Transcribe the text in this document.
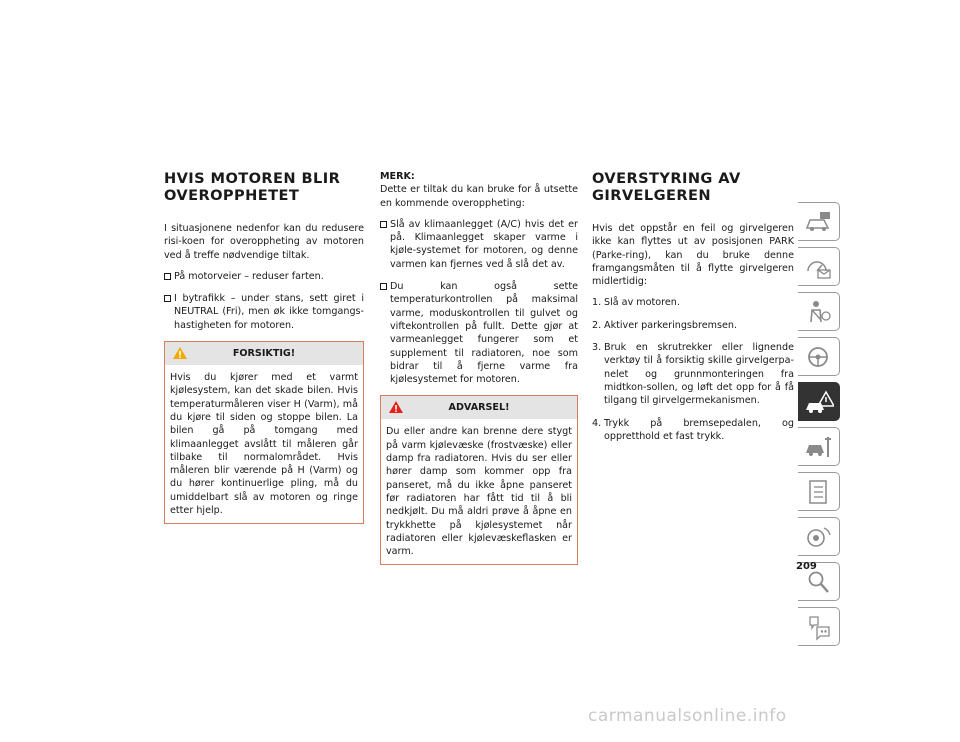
HVIS MOTOREN BLIR OVEROPPHETET

I situasjonene nedenfor kan du redusere risi-koen for overoppheting av motoren ved å treffe nødvendige tiltak.

På motorveier – reduser farten.
I bytrafikk – under stans, sett giret i NEUTRAL (Fri), men øk ikke tomgangs-hastigheten for motoren.
FORSIKTIG!
Hvis du kjører med et varmt kjølesystem, kan det skade bilen. Hvis temperaturmåleren viser H (Varm), må du kjøre til siden og stoppe bilen. La bilen gå på tomgang med klimaanlegget avslått til måleren går tilbake til normalområdet. Hvis måleren blir værende på H (Varm) og du hører kontinuerlige pling, må du umiddelbart slå av motoren og ringe etter hjelp.

MERK:
Dette er tiltak du kan bruke for å utsette en kommende overoppheting:

Slå av klimaanlegget (A/C) hvis det er på. Klimaanlegget skaper varme i kjøle-systemet for motoren, og denne varmen kan fjernes ved å slå det av.
Du kan også sette temperaturkontrollen på maksimal varme, moduskontrollen til gulvet og viftekontrollen på fullt. Dette gjør at varmeanlegget fungerer som et supplement til radiatoren, noe som bidrar til å fjerne varme fra kjølesystemet for motoren.
ADVARSEL!
Du eller andre kan brenne dere stygt på varm kjølevæske (frostvæske) eller damp fra radiatoren. Hvis du ser eller hører damp som kommer opp fra panseret, må du ikke åpne panseret før radiatoren har fått tid til å bli nedkjølt. Du må aldri prøve å åpne en trykkhette på kjølesystemet når radiatoren eller kjølevæskeflasken er varm.
OVERSTYRING AV GIRVELGEREN

Hvis det oppstår en feil og girvelgeren ikke kan flyttes ut av posisjonen PARK (Parke-ring), kan du bruke denne framgangsmåten til å flytte girvelgeren midlertidig:

1. Slå av motoren.
2. Aktiver parkeringsbremsen.
3. Bruk en skrutrekker eller lignende verktøy til å forsiktig skille girvelgerpa-nelet og grunnmonteringen fra midtkon-sollen, og løft det opp for å få tilgang til girvelgermekanismen.
4. Trykk på bremsepedalen, og oppretthold et fast trykk.
209
carmanualsonline.info
